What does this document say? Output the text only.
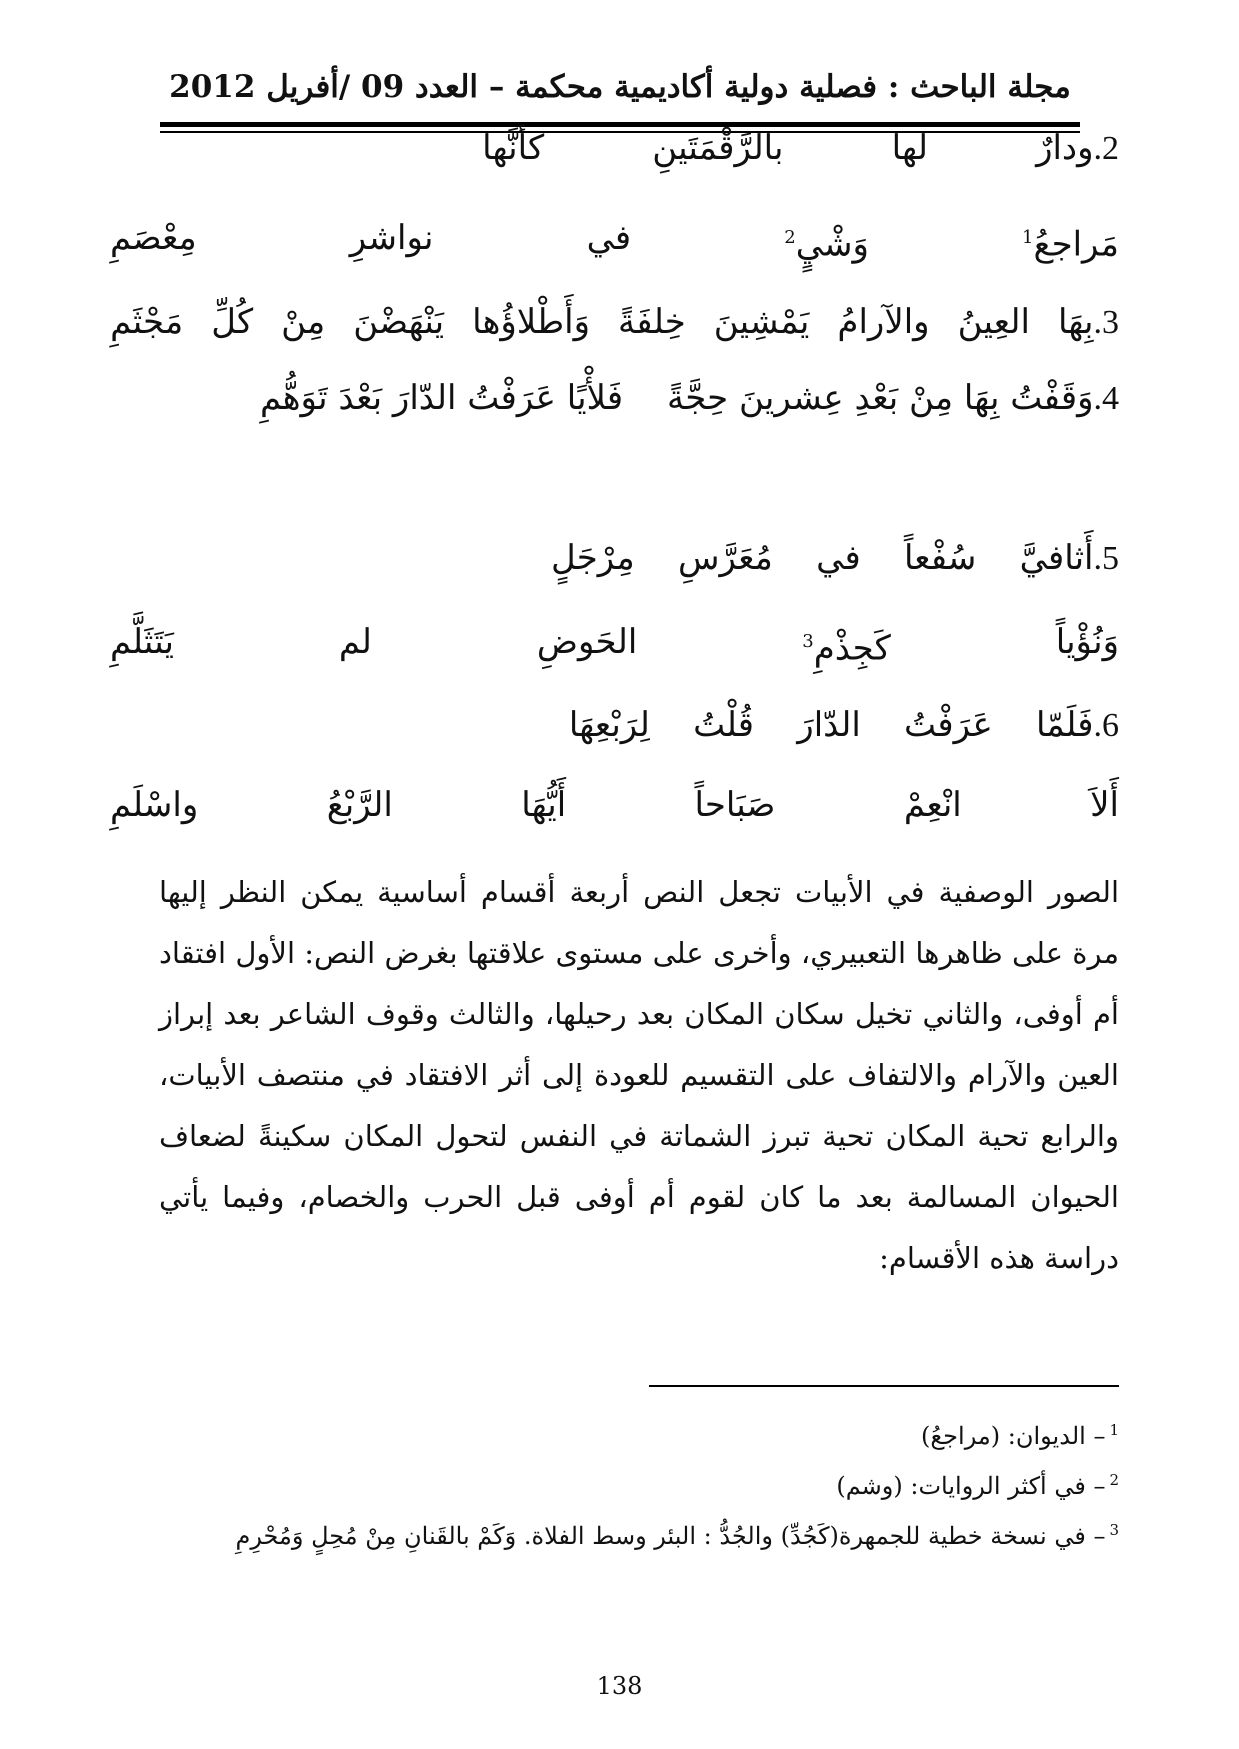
مجلة الباحث : فصلية دولية أكاديمية محكمة – العدد 09 /أفريل 2012
2.ودارٌ          لها          بالرَّقْمَتَينِ          كأنَّها
مَراجعُ$^1$
وَشْيٍ$^2$
في
نواشرِ
مِعْصَمِ
3.بِهَا
العِينُ
والآرامُ
يَمْشِينَ
خِلفَةً
وَأَطْلاؤُها
يَنْهَضْنَ
مِنْ
كُلِّ
مَجْثَمِ
4.وَقَفْتُ بِهَا مِنْ بَعْدِ عِشرينَ حِجَّةً
فَلأْيًا عَرَفْتُ الدّارَ بَعْدَ تَوَهُّمِ
5.أَثافيَّ    سُفْعاً    في    مُعَرَّسِ    مِرْجَلٍ
وَنُؤْياً
كَجِذْمِ$^3$
الحَوضِ
لم
يَتَثَلَّمِ
6.فَلَمّا    عَرَفْتُ    الدّارَ    قُلْتُ    لِرَبْعِهَا
أَلاَ
انْعِمْ
صَبَاحاً
أَيُّهَا
الرَّبْعُ
واسْلَمِ
الصور الوصفية في الأبيات تجعل النص أربعة أقسام أساسية يمكن النظر إليها مرة على ظاهرها التعبيري، وأخرى على مستوى علاقتها بغرض النص: الأول افتقاد أم أوفى، والثاني تخيل سكان المكان بعد رحيلها، والثالث وقوف الشاعر بعد إبراز العين والآرام والالتفاف على التقسيم للعودة إلى أثر الافتقاد في منتصف الأبيات، والرابع تحية المكان تحية تبرز الشماتة في النفس لتحول المكان سكينةً لضعاف الحيوان المسالمة بعد ما كان لقوم أم أوفى قبل الحرب والخصام، وفيما يأتي دراسة هذه الأقسام:
$^1$– الديوان: (مراجعُ)
$^2$– في أكثر الروايات: (وشم)
$^3$– في نسخة خطية للجمهرة(كَجُدِّ) والجُدُّ : البئر وسط الفلاة. وَكَمْ بالقَنانِ مِنْ مُحِلٍ وَمُحْرِمِ
138
